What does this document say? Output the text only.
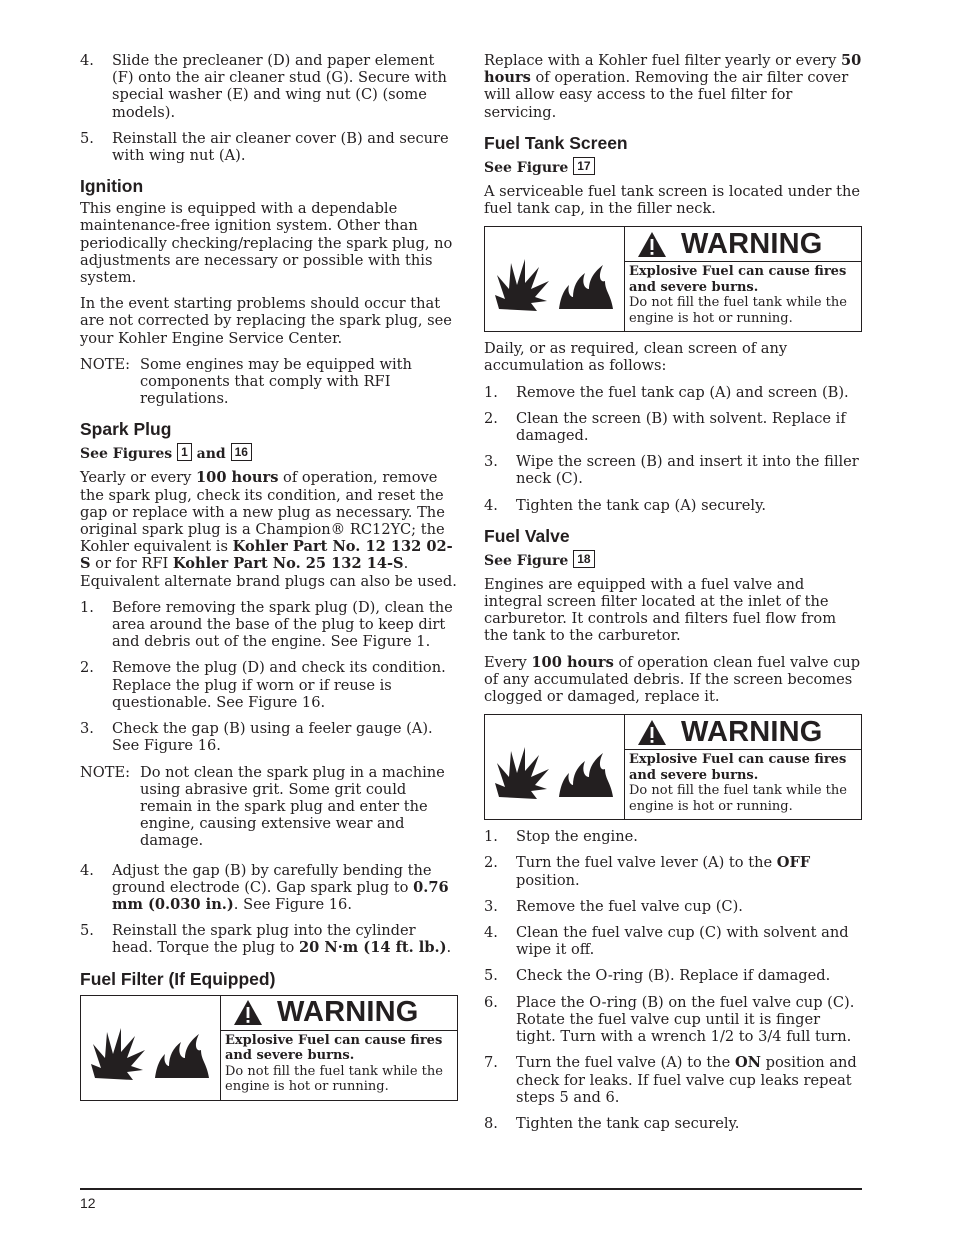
4. Slide the precleaner (D) and paper element (F) onto the air cleaner stud (G). Secure with special washer (E) and wing nut (C) (some models).
5. Reinstall the air cleaner cover (B) and secure with wing nut (A).
Ignition

This engine is equipped with a dependable maintenance-free ignition system. Other than periodically checking/replacing the spark plug, no adjustments are necessary or possible with this system.

In the event starting problems should occur that are not corrected by replacing the spark plug, see your Kohler Engine Service Center.

NOTE: Some engines may be equipped with components that comply with RFI regulations.
Spark Plug
See Figures 1 and 16

Yearly or every 100 hours of operation, remove the spark plug, check its condition, and reset the gap or replace with a new plug as necessary. The original spark plug is a Champion® RC12YC; the Kohler equivalent is Kohler Part No. 12 132 02-S or for RFI Kohler Part No. 25 132 14-S. Equivalent alternate brand plugs can also be used.

1. Before removing the spark plug (D), clean the area around the base of the plug to keep dirt and debris out of the engine. See Figure 1.
2. Remove the plug (D) and check its condition. Replace the plug if worn or if reuse is questionable. See Figure 16.
3. Check the gap (B) using a feeler gauge (A). See Figure 16.
NOTE: Do not clean the spark plug in a machine using abrasive grit. Some grit could remain in the spark plug and enter the engine, causing extensive wear and damage.
4. Adjust the gap (B) by carefully bending the ground electrode (C). Gap spark plug to 0.76 mm (0.030 in.). See Figure 16.
5. Reinstall the spark plug into the cylinder head. Torque the plug to 20 N·m (14 ft. lb.).
Fuel Filter (If Equipped)
WARNING
Explosive Fuel can cause fires and severe burns.
Do not fill the fuel tank while the engine is hot or running.

Replace with a Kohler fuel filter yearly or every 50 hours of operation. Removing the air filter cover will allow easy access to the fuel filter for servicing.

Fuel Tank Screen
See Figure 17

A serviceable fuel tank screen is located under the fuel tank cap, in the filler neck.

WARNING
Explosive Fuel can cause fires and severe burns.
Do not fill the fuel tank while the engine is hot or running.

Daily, or as required, clean screen of any accumulation as follows:

1. Remove the fuel tank cap (A) and screen (B).
2. Clean the screen (B) with solvent. Replace if damaged.
3. Wipe the screen (B) and insert it into the filler neck (C).
4. Tighten the tank cap (A) securely.
Fuel Valve
See Figure 18

Engines are equipped with a fuel valve and integral screen filter located at the inlet of the carburetor. It controls and filters fuel flow from the tank to the carburetor.

Every 100 hours of operation clean fuel valve cup of any accumulated debris. If the screen becomes clogged or damaged, replace it.

WARNING
Explosive Fuel can cause fires and severe burns.
Do not fill the fuel tank while the engine is hot or running.
1. Stop the engine.
2. Turn the fuel valve lever (A) to the OFF position.
3. Remove the fuel valve cup (C).
4. Clean the fuel valve cup (C) with solvent and wipe it off.
5. Check the O-ring (B). Replace if damaged.
6. Place the O-ring (B) on the fuel valve cup (C). Rotate the fuel valve cup until it is finger tight. Turn with a wrench 1/2 to 3/4 full turn.
7. Turn the fuel valve (A) to the ON position and check for leaks. If fuel valve cup leaks repeat steps 5 and 6.
8. Tighten the tank cap securely.
12
